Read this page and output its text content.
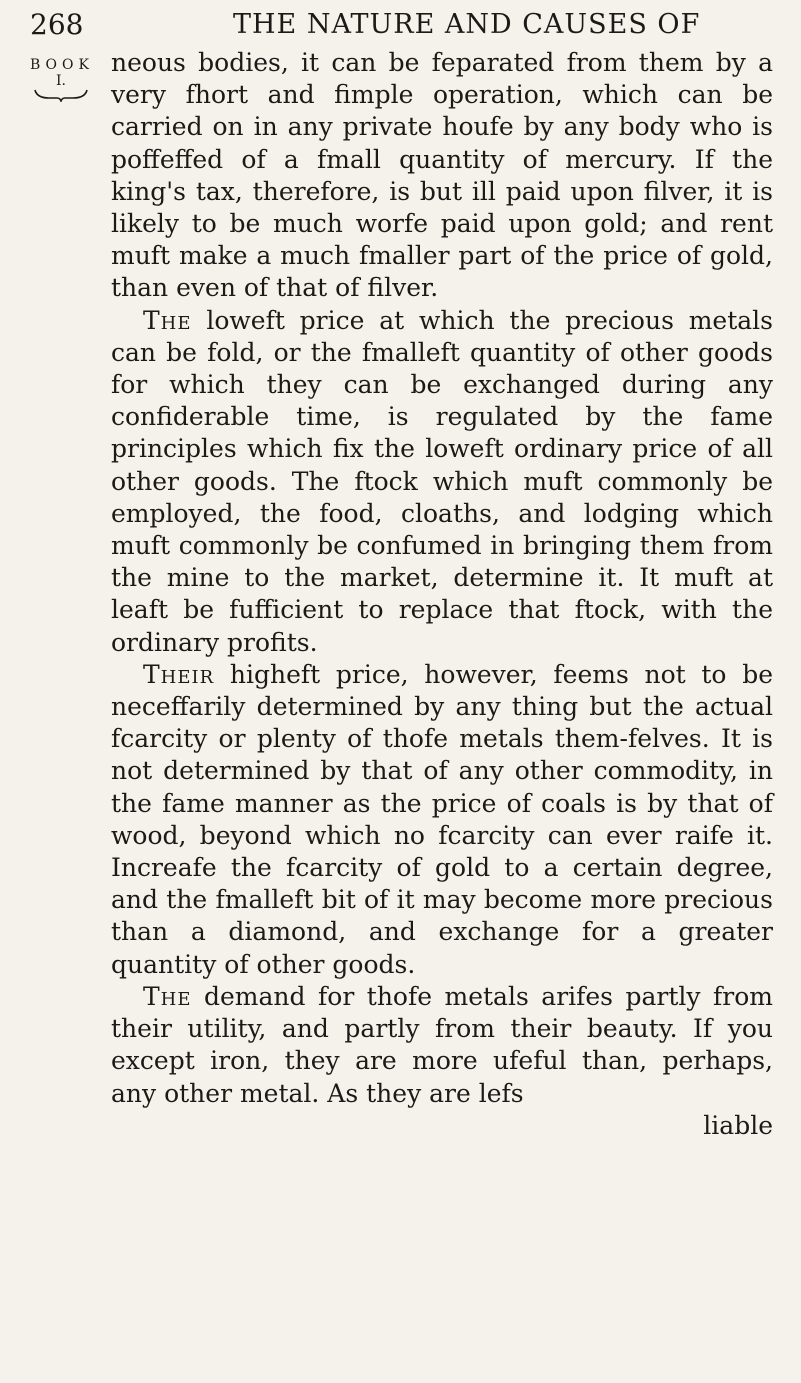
268	THE NATURE AND CAUSES OF
BOOK
I.

neous bodies, it can be feparated from them by a very fhort and fimple operation, which can be carried on in any private houfe by any body who is poffeffed of a fmall quantity of mercury. If the king's tax, therefore, is but ill paid upon filver, it is likely to be much worfe paid upon gold; and rent muft make a much fmaller part of the price of gold, than even of that of filver.

The loweft price at which the precious metals can be fold, or the fmalleft quantity of other goods for which they can be exchanged during any confiderable time, is regulated by the fame principles which fix the loweft ordinary price of all other goods. The ftock which muft commonly be employed, the food, cloaths, and lodging which muft commonly be confumed in bringing them from the mine to the market, determine it. It muft at leaft be fufficient to replace that ftock, with the ordinary profits.

Their higheft price, however, feems not to be neceffarily determined by any thing but the actual fcarcity or plenty of thofe metals them-felves. It is not determined by that of any other commodity, in the fame manner as the price of coals is by that of wood, beyond which no fcarcity can ever raife it. Increafe the fcarcity of gold to a certain degree, and the fmalleft bit of it may become more precious than a diamond, and exchange for a greater quantity of other goods.

The demand for thofe metals arifes partly from their utility, and partly from their beauty. If you except iron, they are more ufeful than, perhaps, any other metal. As they are lefs

liable
